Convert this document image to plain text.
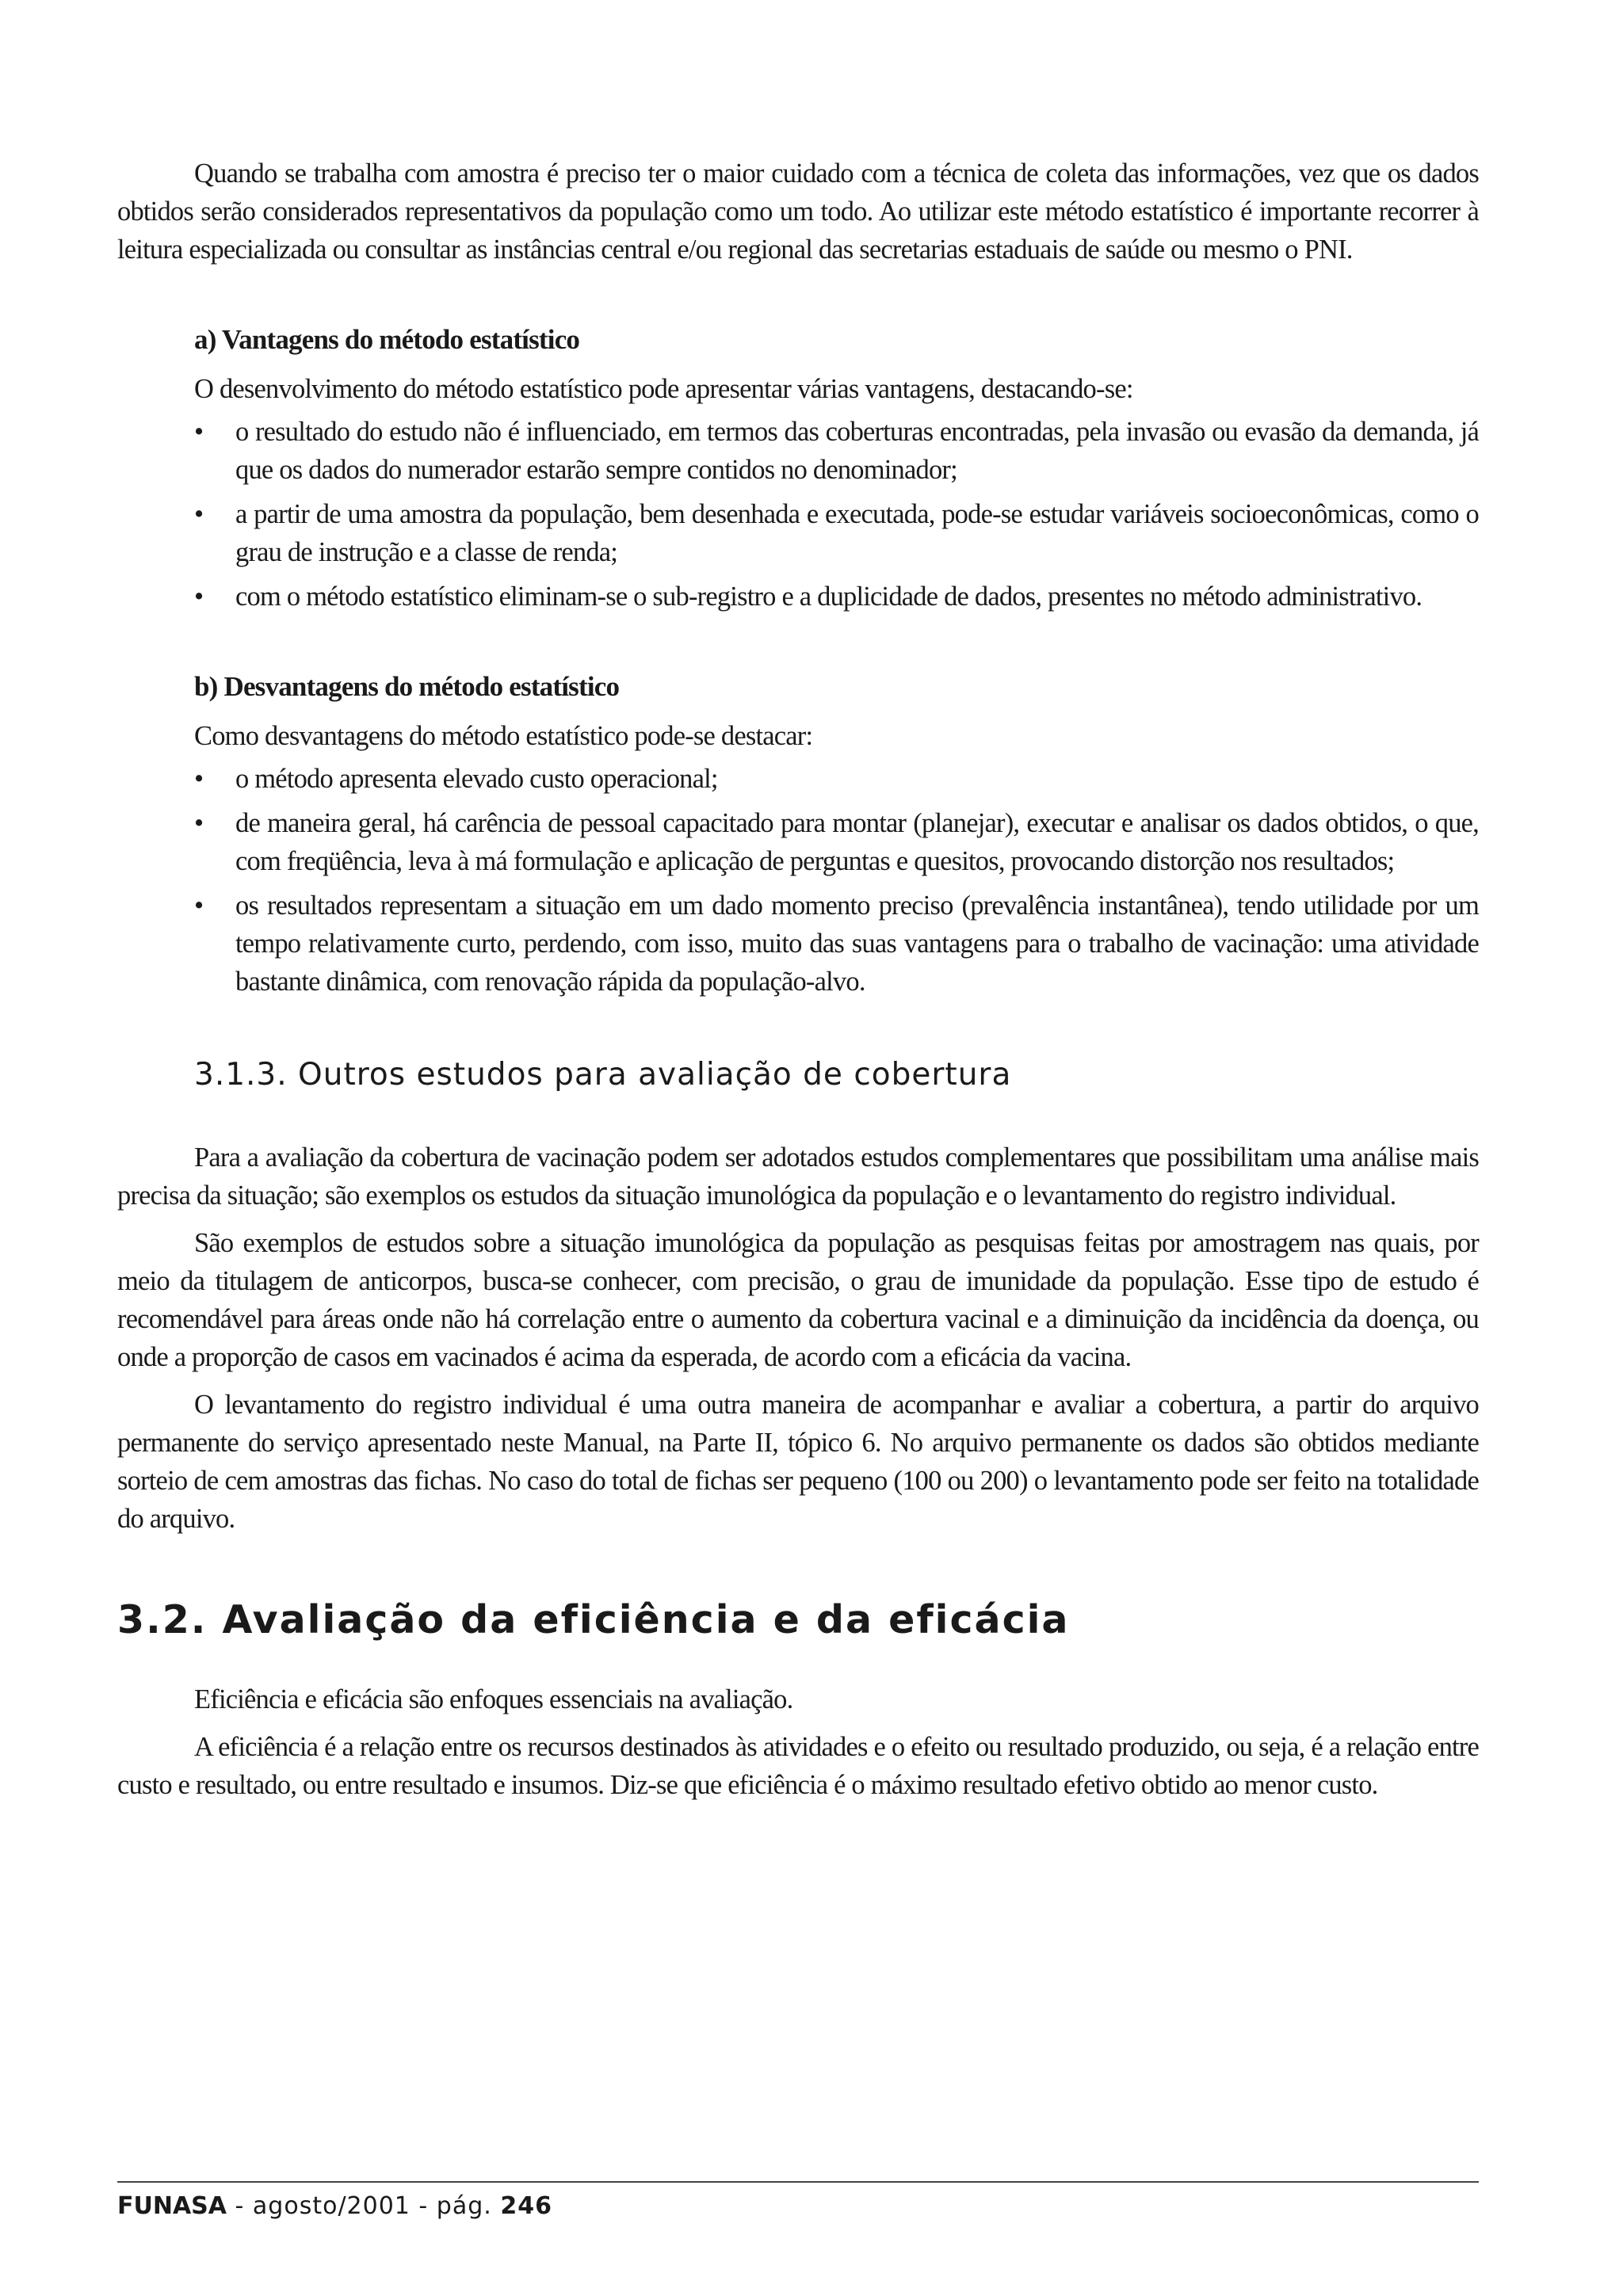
Quando se trabalha com amostra é preciso ter o maior cuidado com a técnica de coleta das informações, vez que os dados obtidos serão considerados representativos da população como um todo. Ao utilizar este método estatístico é importante recorrer à leitura especializada ou consultar as instâncias central e/ou regional das secretarias estaduais de saúde ou mesmo o PNI.

a) Vantagens do método estatístico
O desenvolvimento do método estatístico pode apresentar várias vantagens, destacando-se:
• o resultado do estudo não é influenciado, em termos das coberturas encontradas, pela invasão ou evasão da demanda, já que os dados do numerador estarão sempre contidos no denominador;
• a partir de uma amostra da população, bem desenhada e executada, pode-se estudar variáveis socioeconômicas, como o grau de instrução e a classe de renda;
• com o método estatístico eliminam-se o sub-registro e a duplicidade de dados, presentes no método administrativo.
b) Desvantagens do método estatístico
Como desvantagens do método estatístico pode-se destacar:
• o método apresenta elevado custo operacional;
• de maneira geral, há carência de pessoal capacitado para montar (planejar), executar e analisar os dados obtidos, o que, com freqüência, leva à má formulação e aplicação de perguntas e quesitos, provocando distorção nos resultados;
• os resultados representam a situação em um dado momento preciso (prevalência instantânea), tendo utilidade por um tempo relativamente curto, perdendo, com isso, muito das suas vantagens para o trabalho de vacinação: uma atividade bastante dinâmica, com renovação rápida da população-alvo.
3.1.3. Outros estudos para avaliação de cobertura

Para a avaliação da cobertura de vacinação podem ser adotados estudos complementares que possibilitam uma análise mais precisa da situação; são exemplos os estudos da situação imunológica da população e o levantamento do registro individual.

São exemplos de estudos sobre a situação imunológica da população as pesquisas feitas por amostragem nas quais, por meio da titulagem de anticorpos, busca-se conhecer, com precisão, o grau de imunidade da população. Esse tipo de estudo é recomendável para áreas onde não há correlação entre o aumento da cobertura vacinal e a diminuição da incidência da doença, ou onde a proporção de casos em vacinados é acima da esperada, de acordo com a eficácia da vacina.

O levantamento do registro individual é uma outra maneira de acompanhar e avaliar a cobertura, a partir do arquivo permanente do serviço apresentado neste Manual, na Parte II, tópico 6. No arquivo permanente os dados são obtidos mediante sorteio de cem amostras das fichas. No caso do total de fichas ser pequeno (100 ou 200) o levantamento pode ser feito na totalidade do arquivo.

3.2. Avaliação da eficiência e da eficácia

Eficiência e eficácia são enfoques essenciais na avaliação.

A eficiência é a relação entre os recursos destinados às atividades e o efeito ou resultado produzido, ou seja, é a relação entre custo e resultado, ou entre resultado e insumos. Diz-se que eficiência é o máximo resultado efetivo obtido ao menor custo.

FUNASA - agosto/2001 - pág. 246
